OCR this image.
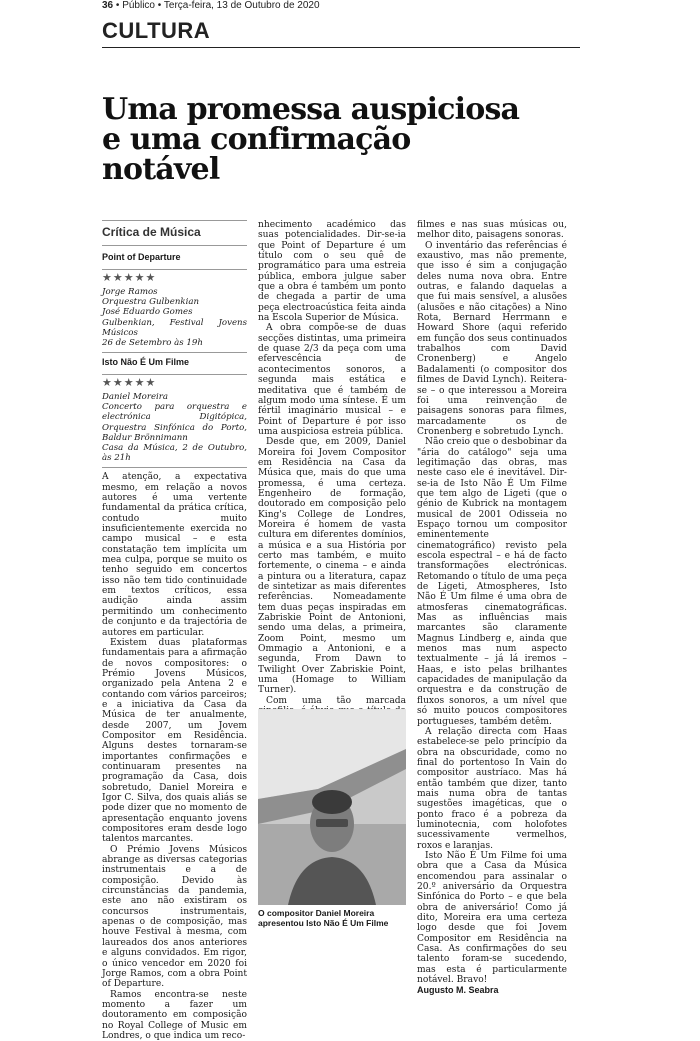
36 • Público • Terça-feira, 13 de Outubro de 2020
CULTURA
Uma promessa auspiciosa e uma confirmação notável
Crítica de Música
Point of Departure
★★★★★
Jorge Ramos
Orquestra Gulbenkian
José Eduardo Gomes
Gulbenkian, Festival Jovens Músicos
26 de Setembro às 19h
Isto Não É Um Filme
★★★★★
Daniel Moreira
Concerto para orquestra e electrónica Digitópica, Orquestra Sinfónica do Porto, Baldur Brönnimann
Casa da Música, 2 de Outubro, às 21h

A atenção, a expectativa mesmo, em relação a novos autores é uma vertente fundamental da prática crítica, contudo muito insuficientemente exercida no campo musical – e esta constatação tem implícita um mea culpa, porque se muito os tenho seguido em concertos isso não tem tido continuidade em textos críticos, essa audição ainda assim permitindo um conhecimento de conjunto e da trajectória de autores em particular.

Existem duas plataformas fundamentais para a afirmação de novos compositores: o Prémio Jovens Músicos, organizado pela Antena 2 e contando com vários parceiros; e a iniciativa da Casa da Música de ter anualmente, desde 2007, um Jovem Compositor em Residência. Alguns destes tornaram-se importantes confirmações e continuaram presentes na programação da Casa, dois sobretudo, Daniel Moreira e Igor C. Silva, dos quais aliás se pode dizer que no momento de apresentação enquanto jovens compositores eram desde logo talentos marcantes.

O Prémio Jovens Músicos abrange as diversas categorias instrumentais e a de composição. Devido às circunstâncias da pandemia, este ano não existiram os concursos instrumentais, apenas o de composição, mas houve Festival à mesma, com laureados dos anos anteriores e alguns convidados. Em rigor, o único vencedor em 2020 foi Jorge Ramos, com a obra Point of Departure.

Ramos encontra-se neste momento a fazer um doutoramento em composição no Royal College of Music em Londres, o que indica um reco-

nhecimento académico das suas potencialidades. Dir-se-ia que Point of Departure é um título com o seu quê de programático para uma estreia pública, embora julgue saber que a obra é também um ponto de chegada a partir de uma peça electroacústica feita ainda na Escola Superior de Música.

A obra compõe-se de duas secções distintas, uma primeira de quase 2/3 da peça com uma efervescência de acontecimentos sonoros, a segunda mais estática e meditativa que é também de algum modo uma síntese. É um fértil imaginário musical – e Point of Departure é por isso uma auspiciosa estreia pública.

Desde que, em 2009, Daniel Moreira foi Jovem Compositor em Residência na Casa da Música que, mais do que uma promessa, é uma certeza. Engenheiro de formação, doutorado em composição pelo King's College de Londres, Moreira é homem de vasta cultura em diferentes domínios, a música e a sua História por certo mas também, e muito fortemente, o cinema – e ainda a pintura ou a literatura, capaz de sintetizar as mais diferentes referências. Nomeadamente tem duas peças inspiradas em Zabriskie Point de Antonioni, sendo uma delas, a primeira, Zoom Point, mesmo um Ommagio a Antonioni, e a segunda, From Dawn to Twilight Over Zabriskie Point, uma (Homage to William Turner).

Com uma tão marcada

O compositor Daniel Moreira apresentou Isto Não É Um Filme

filmes e nas suas músicas ou, melhor dito, paisagens sonoras.

O inventário das referências é exaustivo, mas não premente, que isso é sim a conjugação deles numa nova obra. Entre outras, e falando daquelas a que fui mais sensível, a alusões (alusões e não citações) a Nino Rota, Bernard Herrmann e Howard Shore (aqui referido em função dos seus continuados trabalhos com David Cronenberg) e Angelo Badalamenti (o compositor dos filmes de David Lynch). Reitera-se – o que interessou a Moreira foi uma reinvenção de paisagens sonoras para filmes, marcadamente os de Cronenberg e sobretudo Lynch.

Não creio que o desbobinar da "ária do catálogo" seja uma legitimação das obras, mas neste caso ele é inevitável. Dir-se-ia de Isto Não É Um Filme que tem algo de Ligeti (que o génio de Kubrick na montagem musical de 2001 Odisseia no Espaço tornou um compositor eminentemente cinematográfico) revisto pela escola espectral – e há de facto transformações electrónicas. Retomando o título de uma peça de Ligeti, Atmospheres, Isto Não É Um filme é uma obra de atmosferas cinematográficas. Mas as influências mais marcantes são claramente Magnus Lindberg e, ainda que menos mas num aspecto textualmente – já lá iremos – Haas, e isto pelas brilhantes capacidades de manipulação da orquestra e da construção de fluxos sonoros, a um nível que só muito poucos compositores portugueses, também detêm.

A relação directa com Haas estabelece-se pelo princípio da obra na obscuridade, como no final do portentoso In Vain do compositor austríaco. Mas há então também que dizer, tanto mais numa obra de tantas sugestões imagéticas, que o ponto fraco é a pobreza da luminotecnia, com holofotes sucessivamente vermelhos, roxos e laranjas.

Isto Não É Um Filme foi uma obra que a Casa da Música encomendou para assinalar o 20.º aniversário da Orquestra Sinfónica do Porto – e que bela obra de aniversário! Como já dito, Moreira era uma certeza logo desde que foi Jovem Compositor em Residência na Casa. As confirmações do seu talento foram-se sucedendo, mas esta é particularmente notável. Bravo!

Augusto M. Seabra
